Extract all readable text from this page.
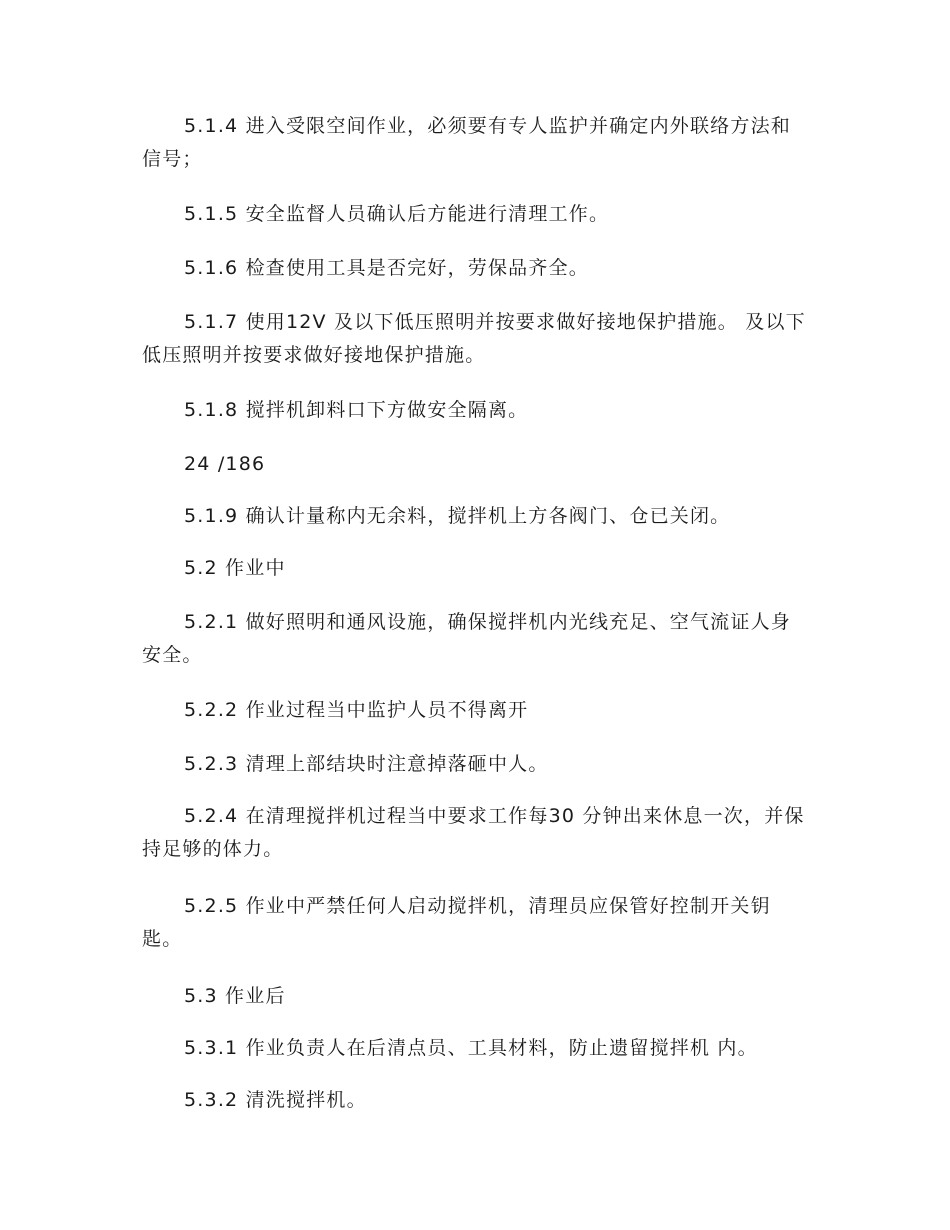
5.1.4 进入受限空间作业，必须要有专人监护并确定内外联络方法和信号；

5.1.5 安全监督人员确认后方能进行清理工作。

5.1.6 检查使用工具是否完好，劳保品齐全。

5.1.7 使用12V 及以下低压照明并按要求做好接地保护措施。 及以下低压照明并按要求做好接地保护措施。

5.1.8 搅拌机卸料口下方做安全隔离。

24 /186

5.1.9 确认计量称内无余料，搅拌机上方各阀门、仓已关闭。

5.2 作业中

5.2.1 做好照明和通风设施，确保搅拌机内光线充足、空气流证人身安全。

5.2.2 作业过程当中监护人员不得离开

5.2.3 清理上部结块时注意掉落砸中人。

5.2.4 在清理搅拌机过程当中要求工作每30 分钟出来休息一次，并保持足够的体力。

5.2.5 作业中严禁任何人启动搅拌机，清理员应保管好控制开关钥匙。

5.3 作业后

5.3.1 作业负责人在后清点员、工具材料，防止遗留搅拌机 内。

5.3.2 清洗搅拌机。
